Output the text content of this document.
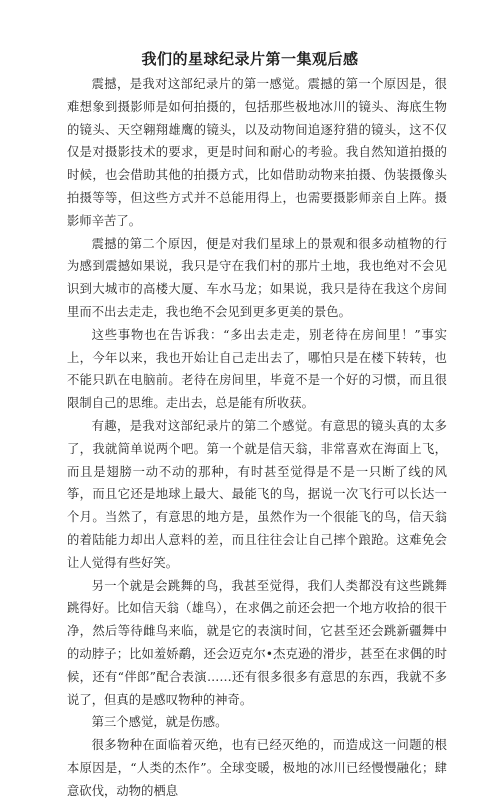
我们的星球纪录片第一集观后感

震撼，是我对这部纪录片的第一感觉。震撼的第一个原因是，很难想象到摄影师是如何拍摄的，包括那些极地冰川的镜头、海底生物的镜头、天空翱翔雄鹰的镜头，以及动物间追逐狩猎的镜头，这不仅仅是对摄影技术的要求，更是时间和耐心的考验。我自然知道拍摄的时候，也会借助其他的拍摄方式，比如借助动物来拍摄、伪装摄像头拍摄等等，但这些方式并不总能用得上，也需要摄影师亲自上阵。摄影师辛苦了。

震撼的第二个原因，便是对我们星球上的景观和很多动植物的行为感到震撼如果说，我只是守在我们村的那片土地，我也绝对不会见识到大城市的高楼大厦、车水马龙；如果说，我只是待在我这个房间里而不出去走走，我也绝不会见到更多更美的景色。

这些事物也在告诉我：“多出去走走，别老待在房间里！”事实上，今年以来，我也开始让自己走出去了，哪怕只是在楼下转转，也不能只趴在电脑前。老待在房间里，毕竟不是一个好的习惯，而且很限制自己的思维。走出去，总是能有所收获。

有趣，是我对这部纪录片的第二个感觉。有意思的镜头真的太多了，我就简单说两个吧。第一个就是信天翁，非常喜欢在海面上飞，而且是翅膀一动不动的那种，有时甚至觉得是不是一只断了线的风筝，而且它还是地球上最大、最能飞的鸟，据说一次飞行可以长达一个月。当然了，有意思的地方是，虽然作为一个很能飞的鸟，信天翁的着陆能力却出人意料的差，而且往往会让自己摔个踉跄。这难免会让人觉得有些好笑。

另一个就是会跳舞的鸟，我甚至觉得，我们人类都没有这些跳舞跳得好。比如信天翁（雄鸟），在求偶之前还会把一个地方收拾的很干净，然后等待雌鸟来临，就是它的表演时间，它甚至还会跳新疆舞中的动脖子；比如羞娇鹬，还会迈克尔•杰克逊的滑步，甚至在求偶的时候，还有“伴郎”配合表演……还有很多很多有意思的东西，我就不多说了，但真的是感叹物种的神奇。

第三个感觉，就是伤感。

很多物种在面临着灭绝，也有已经灭绝的，而造成这一问题的根本原因是，“人类的杰作”。全球变暖，极地的冰川已经慢慢融化；肆意砍伐，动物的栖息
